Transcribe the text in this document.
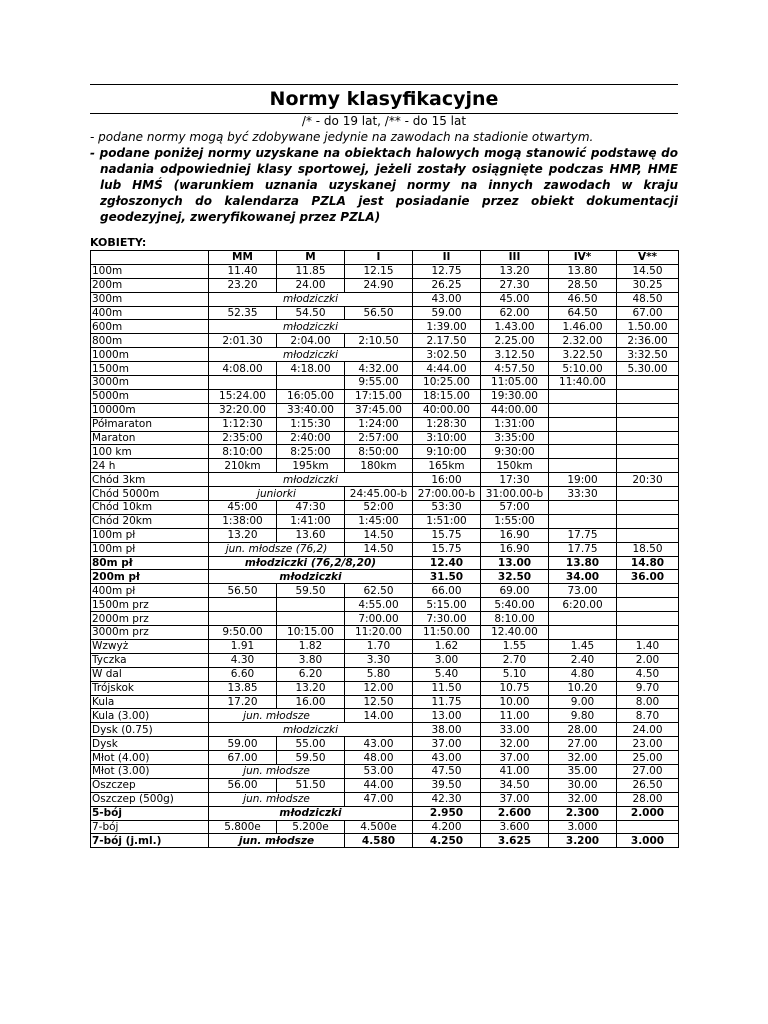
Normy klasyfikacyjne
/* - do 19 lat, /** - do 15 lat
- podane normy mogą być zdobywane jedynie na zawodach na stadionie otwartym.
- podane poniżej normy uzyskane na obiektach halowych mogą stanowić podstawę do nadania odpowiedniej klasy sportowej, jeżeli zostały osiągnięte podczas HMP, HME lub HMŚ (warunkiem uznania uzyskanej normy na innych zawodach w kraju zgłoszonych do kalendarza PZLA jest posiadanie przez obiekt dokumentacji geodezyjnej, zweryfikowanej przez PZLA)
KOBIETY:
	MM	M	I	II	III	IV*	V**
100m	11.40	11.85	12.15	12.75	13.20	13.80	14.50
200m	23.20	24.00	24.90	26.25	27.30	28.50	30.25
300m	młodziczki			43.00	45.00	46.50	48.50
400m	52.35	54.50	56.50	59.00	62.00	64.50	67.00
600m	młodziczki			1:39.00	1.43.00	1.46.00	1.50.00
800m	2:01.30	2:04.00	2:10.50	2.17.50	2.25.00	2.32.00	2:36.00
1000m	młodziczki			3:02.50	3.12.50	3.22.50	3:32.50
1500m	4:08.00	4:18.00	4:32.00	4:44.00	4:57.50	5:10.00	5.30.00
3000m			9:55.00	10:25.00	11:05.00	11:40.00	
5000m	15:24.00	16:05.00	17:15.00	18:15.00	19:30.00		
10000m	32:20.00	33:40.00	37:45.00	40:00.00	44:00.00		
Półmaraton	1:12:30	1:15:30	1:24:00	1:28:30	1:31:00		
Maraton	2:35:00	2:40:00	2:57:00	3:10:00	3:35:00		
100 km	8:10:00	8:25:00	8:50:00	9:10:00	9:30:00		
24 h	210km	195km	180km	165km	150km		
Chód 3km	młodziczki			16:00	17:30	19:00	20:30
Chód 5000m	juniorki		24:45.00-b	27:00.00-b	31:00.00-b	33:30	
Chód 10km	45:00	47:30	52:00	53:30	57:00		
Chód 20km	1:38:00	1:41:00	1:45:00	1:51:00	1:55:00		
100m pł	13.20	13.60	14.50	15.75	16.90	17.75	
100m pł	jun. młodsze (76,2)		14.50	15.75	16.90	17.75	18.50
80m pł	młodziczki (76,2/8,20)			12.40	13.00	13.80	14.80
200m pł	młodziczki			31.50	32.50	34.00	36.00
400m pł	56.50	59.50	62.50	66.00	69.00	73.00	
1500m prz			4:55.00	5:15.00	5:40.00	6:20.00	
2000m prz			7:00.00	7:30.00	8:10.00		
3000m prz	9:50.00	10:15.00	11:20.00	11:50.00	12.40.00		
Wzwyż	1.91	1.82	1.70	1.62	1.55	1.45	1.40
Tyczka	4.30	3.80	3.30	3.00	2.70	2.40	2.00
W dal	6.60	6.20	5.80	5.40	5.10	4.80	4.50
Trójskok	13.85	13.20	12.00	11.50	10.75	10.20	9.70
Kula	17.20	16.00	12.50	11.75	10.00	9.00	8.00
Kula (3.00)	jun. młodsze		14.00	13.00	11.00	9.80	8.70
Dysk (0.75)	młodziczki			38.00	33.00	28.00	24.00
Dysk	59.00	55.00	43.00	37.00	32.00	27.00	23.00
Młot (4.00)	67.00	59.50	48.00	43.00	37.00	32.00	25.00
Młot (3.00)	jun. młodsze		53.00	47.50	41.00	35.00	27.00
Oszczep	56.00	51.50	44.00	39.50	34.50	30.00	26.50
Oszczep (500g)	jun. młodsze		47.00	42.30	37.00	32.00	28.00
5-bój	młodziczki			2.950	2.600	2.300	2.000
7-bój	5.800e	5.200e	4.500e	4.200	3.600	3.000	
7-bój (j.ml.)	jun. młodsze		4.580	4.250	3.625	3.200	3.000
